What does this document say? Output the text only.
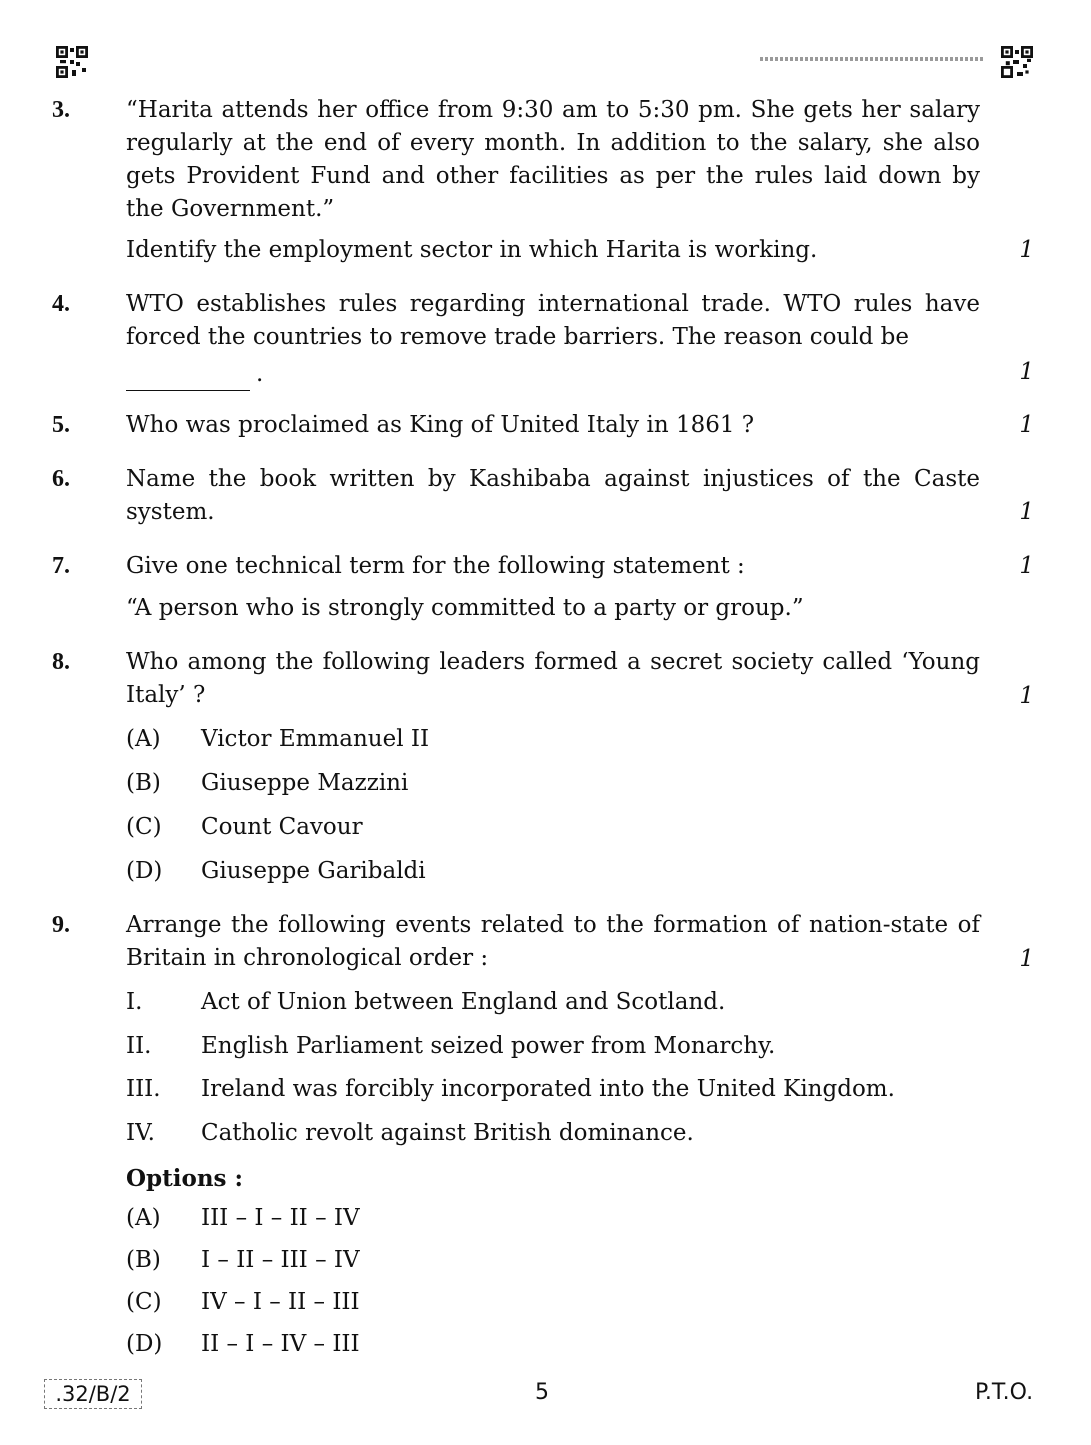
3. “Harita attends her office from 9:30 am to 5:30 pm. She gets her salary regularly at the end of every month. In addition to the salary, she also gets Provident Fund and other facilities as per the rules laid down by the Government.”

Identify the employment sector in which Harita is working.	1
4. WTO establishes rules regarding international trade. WTO rules have forced the countries to remove trade barriers. The reason could be

.	1
5. Who was proclaimed as King of United Italy in 1861 ?	1
6. Name the book written by Kashibaba against injustices of the Caste system.	1
7. Give one technical term for the following statement :

“A person who is strongly committed to a party or group.”

1
8. Who among the following leaders formed a secret society called ‘Young Italy’ ?	1
(A)	Victor Emmanuel II
(B)	Giuseppe Mazzini
(C)	Count Cavour
(D)	Giuseppe Garibaldi
9. Arrange the following events related to the formation of nation-state of Britain in chronological order :	1
I.	Act of Union between England and Scotland.
II.	English Parliament seized power from Monarchy.
III.	Ireland was forcibly incorporated into the United Kingdom.
IV.	Catholic revolt against British dominance.
(A)	III – I – II – IV
(B)	I – II – III – IV
(C)	IV – I – II – III
(D)	II – I – IV – III
Options :
.32/B/2	5	P.T.O.
